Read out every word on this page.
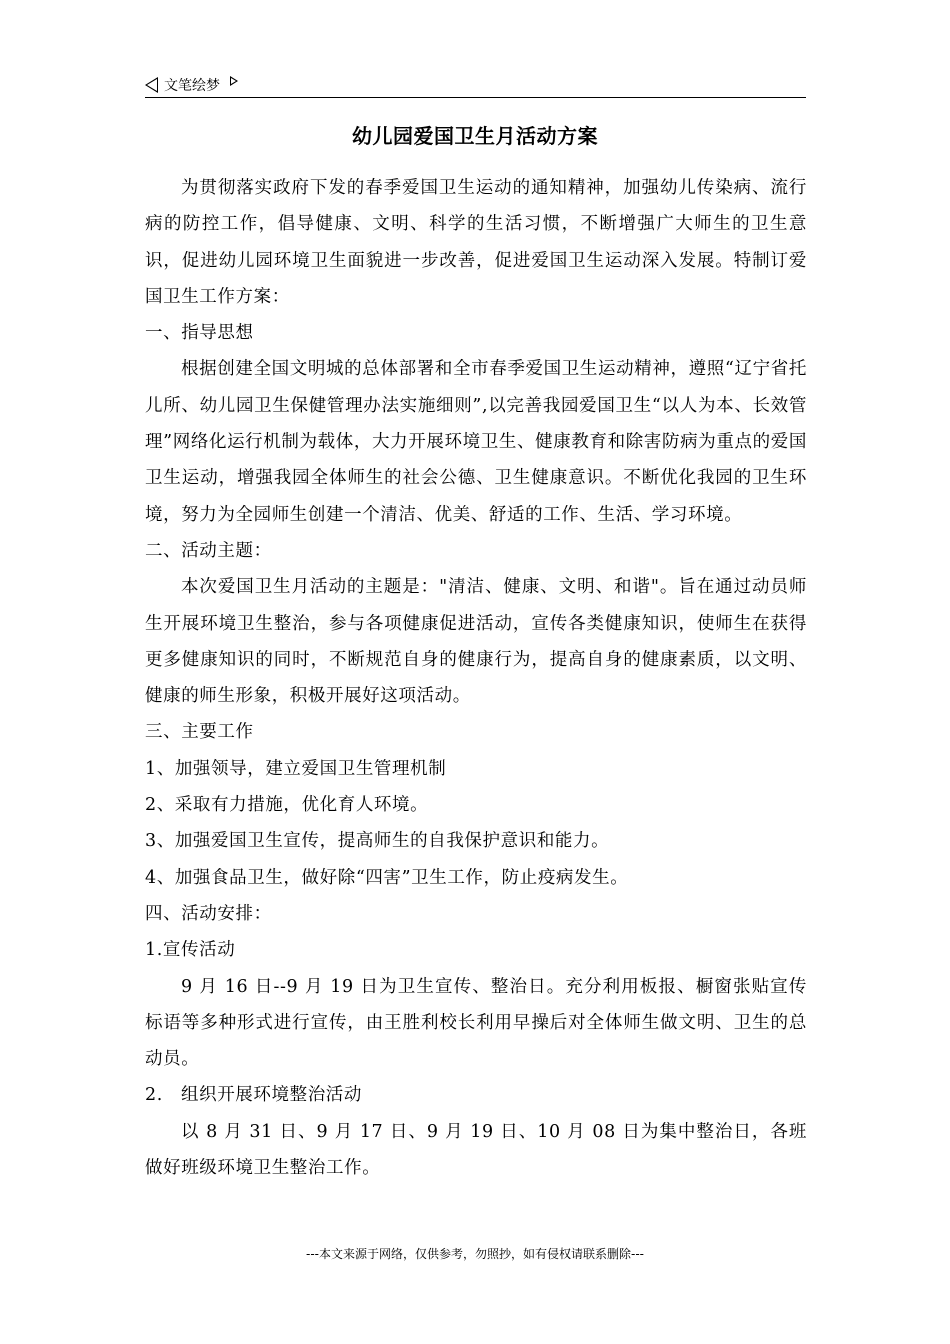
文笔绘梦
幼儿园爱国卫生月活动方案

为贯彻落实政府下发的春季爱国卫生运动的通知精神，加强幼儿传染病、流行病的防控工作，倡导健康、文明、科学的生活习惯，不断增强广大师生的卫生意识，促进幼儿园环境卫生面貌进一步改善，促进爱国卫生运动深入发展。特制订爱国卫生工作方案：

一、指导思想

根据创建全国文明城的总体部署和全市春季爱国卫生运动精神，遵照“辽宁省托儿所、幼儿园卫生保健管理办法实施细则”,以完善我园爱国卫生“以人为本、长效管理”网络化运行机制为载体，大力开展环境卫生、健康教育和除害防病为重点的爱国卫生运动，增强我园全体师生的社会公德、卫生健康意识。不断优化我园的卫生环境，努力为全园师生创建一个清洁、优美、舒适的工作、生活、学习环境。

二、活动主题：

本次爱国卫生月活动的主题是："清洁、健康、文明、和谐"。旨在通过动员师生开展环境卫生整治，参与各项健康促进活动，宣传各类健康知识，使师生在获得更多健康知识的同时，不断规范自身的健康行为，提高自身的健康素质，以文明、健康的师生形象，积极开展好这项活动。

三、主要工作

1、加强领导，建立爱国卫生管理机制

2、采取有力措施，优化育人环境。

3、加强爱国卫生宣传，提高师生的自我保护意识和能力。

4、加强食品卫生，做好除“四害”卫生工作，防止疫病发生。

四、活动安排：

1.宣传活动

9 月 16 日--9 月 19 日为卫生宣传、整治日。充分利用板报、橱窗张贴宣传标语等多种形式进行宣传，由王胜利校长利用早操后对全体师生做文明、卫生的总动员。

2.　组织开展环境整治活动

以 8 月 31 日、9 月 17 日、9 月 19 日、10 月 08 日为集中整治日，各班做好班级环境卫生整治工作。

---本文来源于网络，仅供参考，勿照抄，如有侵权请联系删除---
